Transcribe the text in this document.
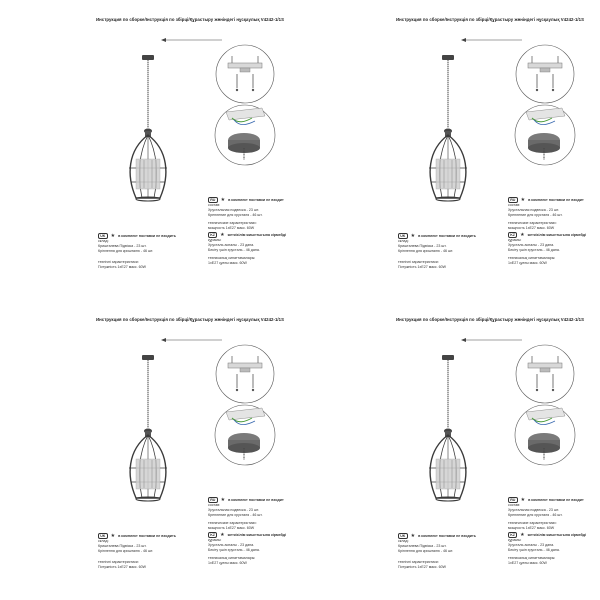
Инструкция по сборке/Інструкція по збірці/Құрастыру жөніндегі нұсқаулық V4242-1/1S
RU	★ в комплект поставки не входит
состав:
Хрустальная подвеска - 23 шт.
Крепление для хрусталя - 46 шт.
технические характеристики:
мощность 1xE27 макс. 60W
UK	★ в комплект поставки не входить
склад:
Кришталева Підвіска - 23 шт.
Кріплення для кришталю - 46 шт.
технічні характеристики:
Потужність 1xE27 макс. 60W
KZ	★ жеткізілім жиынтығына кірмейді
құрамы:
Хрусталь аспалы - 23 дана.
Бекіту үшін хрусталь - 46 дана.
техникалық сипаттамалары:
1xE27 қуаты макс. 60W
Инструкция по сборке/Інструкція по збірці/Құрастыру жөніндегі нұсқаулық V4242-1/1S
RU	★ в комплект поставки не входит
состав:
Хрустальная подвеска - 23 шт.
Крепление для хрусталя - 46 шт.
технические характеристики:
мощность 1xE27 макс. 60W
UK	★ в комплект поставки не входить
склад:
Кришталева Підвіска - 23 шт.
Кріплення для кришталю - 46 шт.
технічні характеристики:
Потужність 1xE27 макс. 60W
KZ	★ жеткізілім жиынтығына кірмейді
құрамы:
Хрусталь аспалы - 23 дана.
Бекіту үшін хрусталь - 46 дана.
техникалық сипаттамалары:
1xE27 қуаты макс. 60W
Инструкция по сборке/Інструкція по збірці/Құрастыру жөніндегі нұсқаулық V4242-1/1S
RU	★ в комплект поставки не входит
состав:
Хрустальная подвеска - 23 шт.
Крепление для хрусталя - 46 шт.
технические характеристики:
мощность 1xE27 макс. 60W
UK	★ в комплект поставки не входить
склад:
Кришталева Підвіска - 23 шт.
Кріплення для кришталю - 46 шт.
технічні характеристики:
Потужність 1xE27 макс. 60W
KZ	★ жеткізілім жиынтығына кірмейді
құрамы:
Хрусталь аспалы - 23 дана.
Бекіту үшін хрусталь - 46 дана.
техникалық сипаттамалары:
1xE27 қуаты макс. 60W
Инструкция по сборке/Інструкція по збірці/Құрастыру жөніндегі нұсқаулық V4242-1/1S
RU	★ в комплект поставки не входит
состав:
Хрустальная подвеска - 23 шт.
Крепление для хрусталя - 46 шт.
технические характеристики:
мощность 1xE27 макс. 60W
UK	★ в комплект поставки не входить
склад:
Кришталева Підвіска - 23 шт.
Кріплення для кришталю - 46 шт.
технічні характеристики:
Потужність 1xE27 макс. 60W
KZ	★ жеткізілім жиынтығына кірмейді
құрамы:
Хрусталь аспалы - 23 дана.
Бекіту үшін хрусталь - 46 дана.
техникалық сипаттамалары:
1xE27 қуаты макс. 60W
